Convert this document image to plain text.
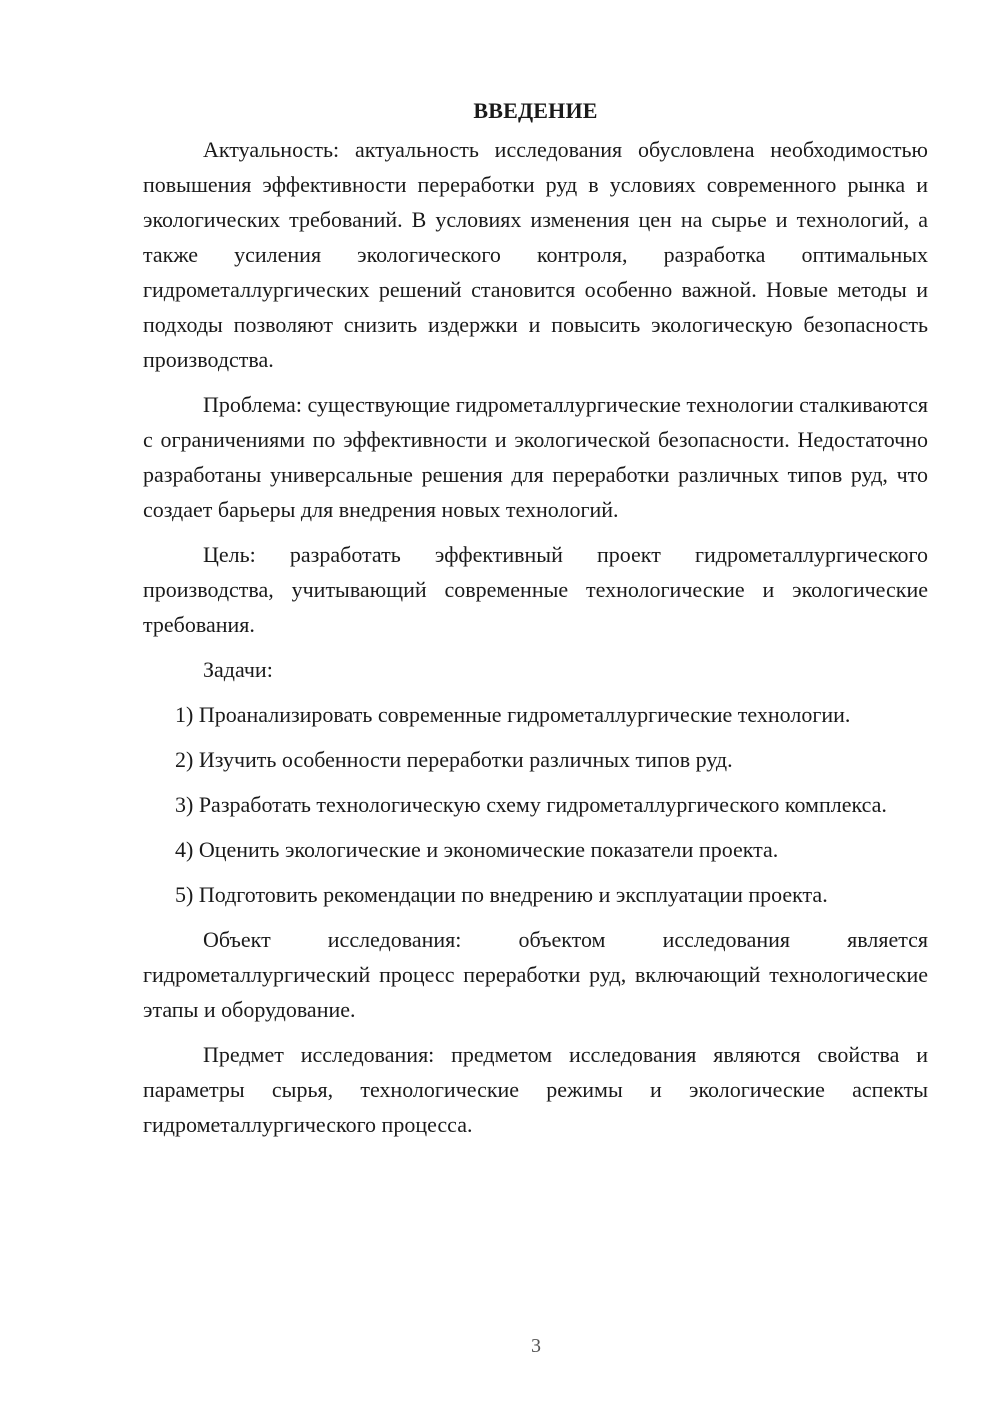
ВВЕДЕНИЕ

Актуальность: актуальность исследования обусловлена необходимостью повышения эффективности переработки руд в условиях современного рынка и экологических требований. В условиях изменения цен на сырье и технологий, а также усиления экологического контроля, разработка оптимальных гидрометаллургических решений становится особенно важной. Новые методы и подходы позволяют снизить издержки и повысить экологическую безопасность производства.

Проблема: существующие гидрометаллургические технологии сталкиваются с ограничениями по эффективности и экологической безопасности. Недостаточно разработаны универсальные решения для переработки различных типов руд, что создает барьеры для внедрения новых технологий.

Цель: разработать эффективный проект гидрометаллургического производства, учитывающий современные технологические и экологические требования.

Задачи:

1) Проанализировать современные гидрометаллургические технологии.

2) Изучить особенности переработки различных типов руд.

3) Разработать технологическую схему гидрометаллургического комплекса.

4) Оценить экологические и экономические показатели проекта.

5) Подготовить рекомендации по внедрению и эксплуатации проекта.

Объект исследования: объектом исследования является гидрометаллургический процесс переработки руд, включающий технологические этапы и оборудование.

Предмет исследования: предметом исследования являются свойства и параметры сырья, технологические режимы и экологические аспекты гидрометаллургического процесса.

3
